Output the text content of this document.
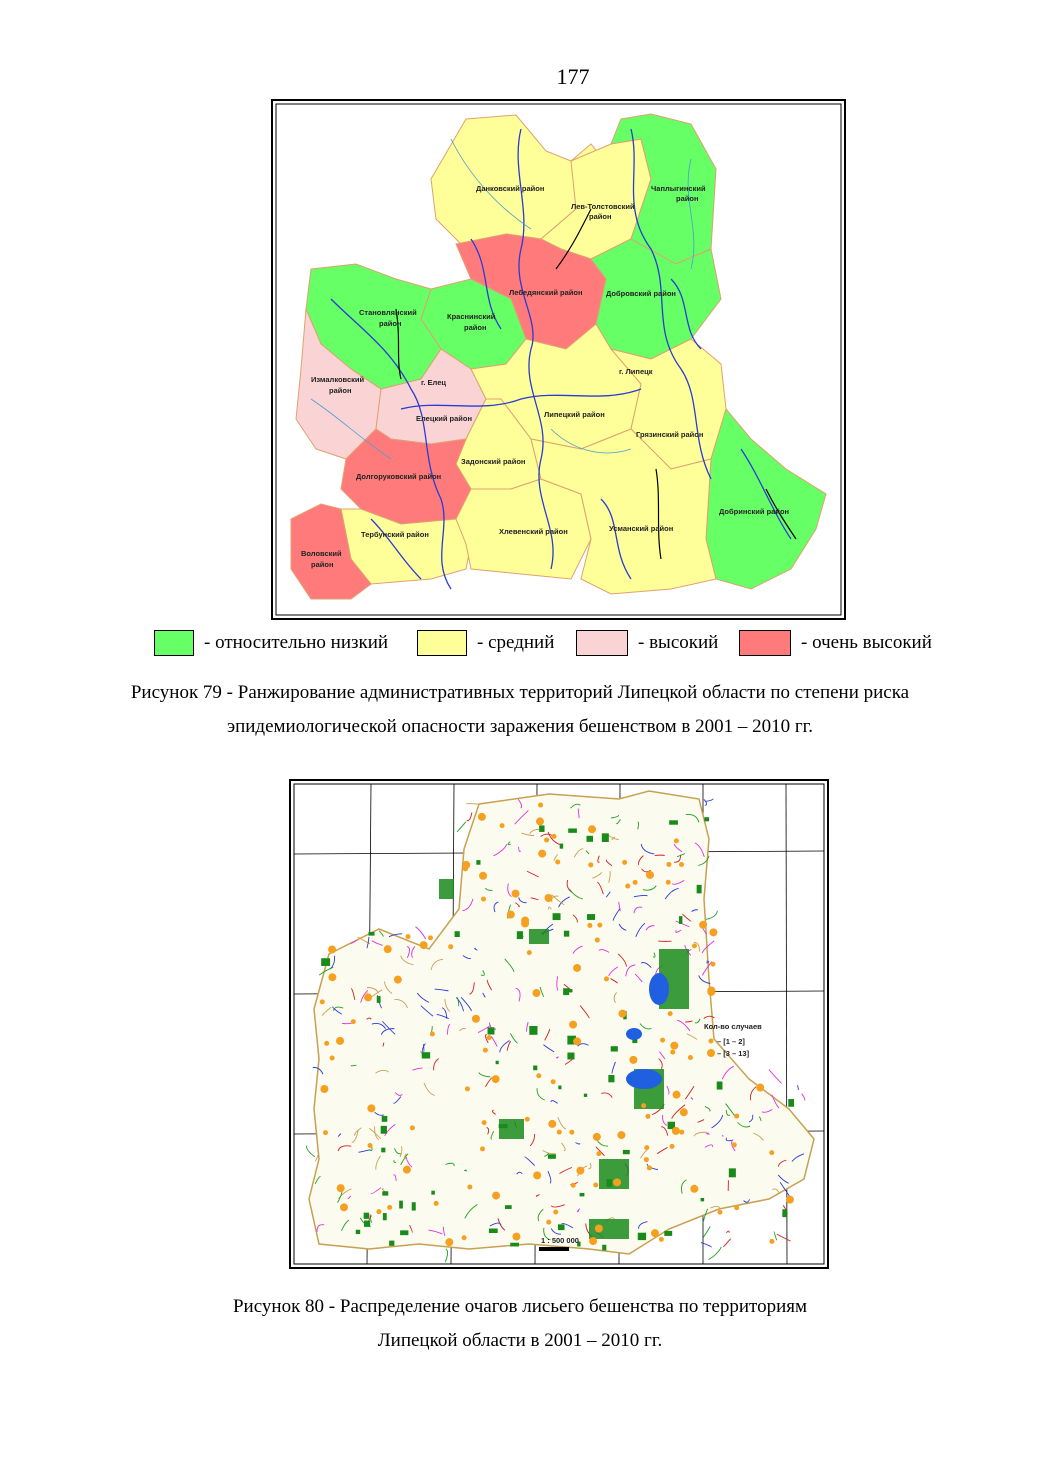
177
Данковский район
Лев-Толстовский
район
Чаплыгинский
район
Лебедянский район	Добровский район
Становлянский
район
Краснинский
район
Измалковский
район
г. Елец
г. Липецк
Елецкий район	Липецкий район
Грязинский район
Задонский район
Долгоруковский район
Добринский район
Тербунский район	Хлевенский район	Усманский район
Воловский
район
- относительно низкий	- средний	- высокий	- очень высокий
Рисунок 79 - Ранжирование административных территорий Липецкой области по степени риска
эпидемиологической опасности заражения бешенством в 2001 – 2010 гг.
Кол-во случаев
– [1 – 2]
– [3 – 13]
1 : 500 000
Рисунок 80 - Распределение очагов лисьего бешенства по территориям
Липецкой области в 2001 – 2010 гг.
